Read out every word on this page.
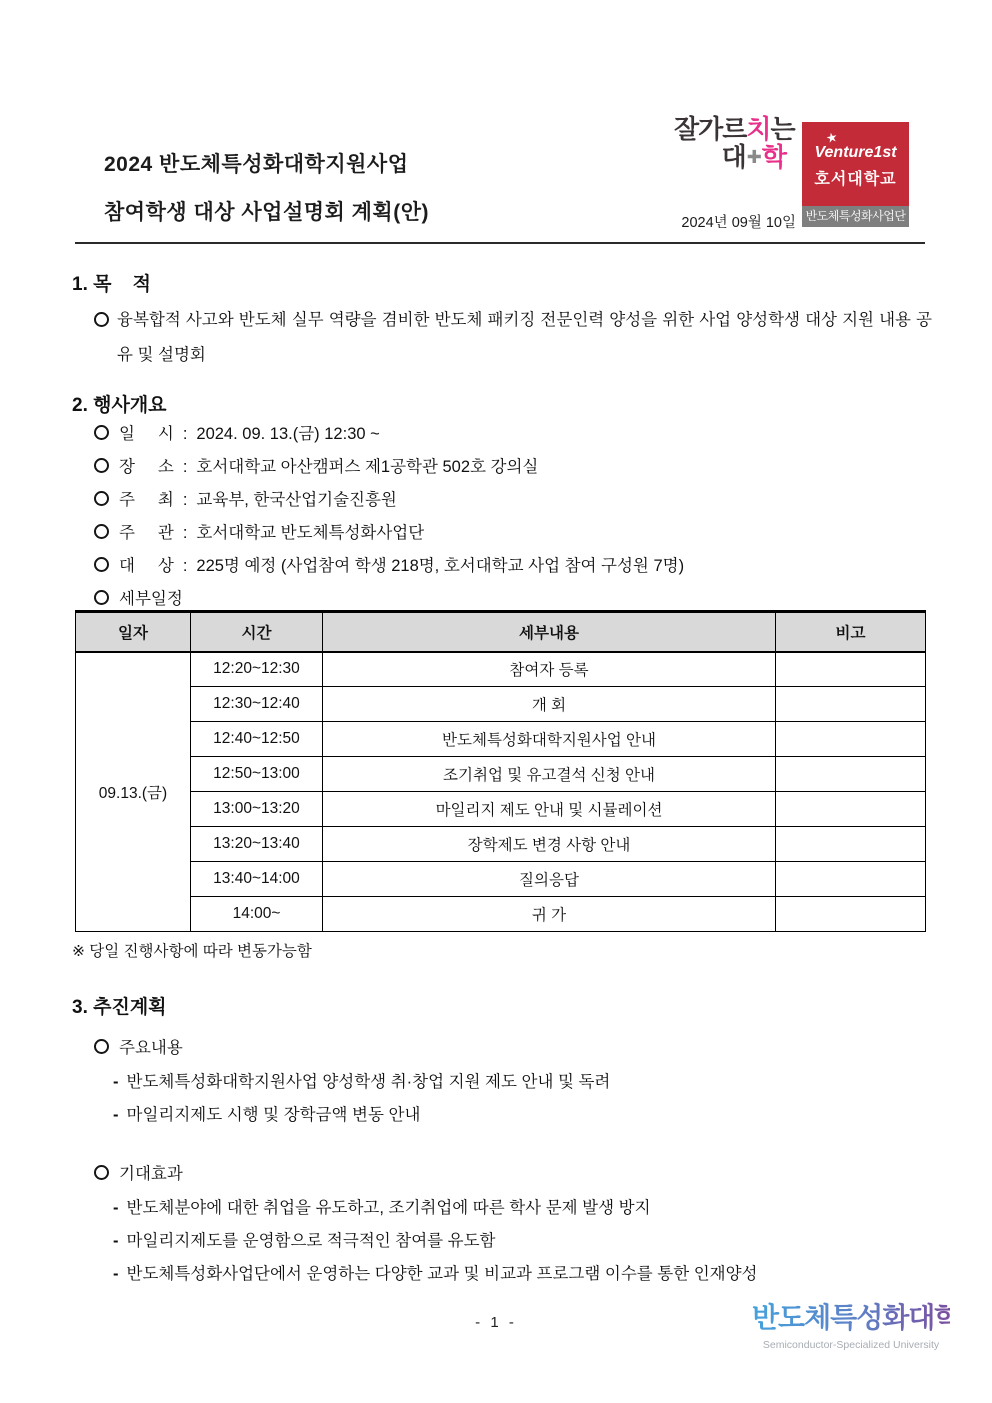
2024 반도체특성화대학지원사업
참여학생 대상 사업설명회 계획(안)
잘가르치는
대✚학
★
Venture1st
호서대학교
반도체특성화사업단
2024년 09월 10일
1. 목    적
융복합적 사고와 반도체 실무 역량을 겸비한 반도체 패키징 전문인력 양성을 위한 사업 양성학생 대상 지원 내용 공유 및 설명회
2. 행사개요
일     시 : 2024. 09. 13.(금) 12:30 ~
장     소 : 호서대학교 아산캠퍼스 제1공학관 502호 강의실
주     최 : 교육부, 한국산업기술진흥원
주     관 : 호서대학교 반도체특성화사업단
대     상 : 225명 예정 (사업참여 학생 218명, 호서대학교 사업 참여 구성원 7명)
세부일정
일자	시간	세부내용	비고
09.13.(금)	12:20~12:30	참여자 등록	
	12:30~12:40	개 회	
	12:40~12:50	반도체특성화대학지원사업 안내	
	12:50~13:00	조기취업 및 유고결석 신청 안내	
	13:00~13:20	마일리지 제도 안내 및 시뮬레이션	
	13:20~13:40	장학제도 변경 사항 안내	
	13:40~14:00	질의응답	
	14:00~	귀 가	
※ 당일 진행사항에 따라 변동가능함
3. 추진계획
주요내용
- 반도체특성화대학지원사업 양성학생 취·창업 지원 제도 안내 및 독려
- 마일리지제도 시행 및 장학금액 변동 안내
기대효과
- 반도체분야에 대한 취업을 유도하고, 조기취업에 따른 학사 문제 발생 방지
- 마일리지제도를 운영함으로 적극적인 참여를 유도함
- 반도체특성화사업단에서 운영하는 다양한 교과 및 비교과 프로그램 이수를 통한 인재양성
- 1 -	반도체특성화대학
Semiconductor-Specialized University
